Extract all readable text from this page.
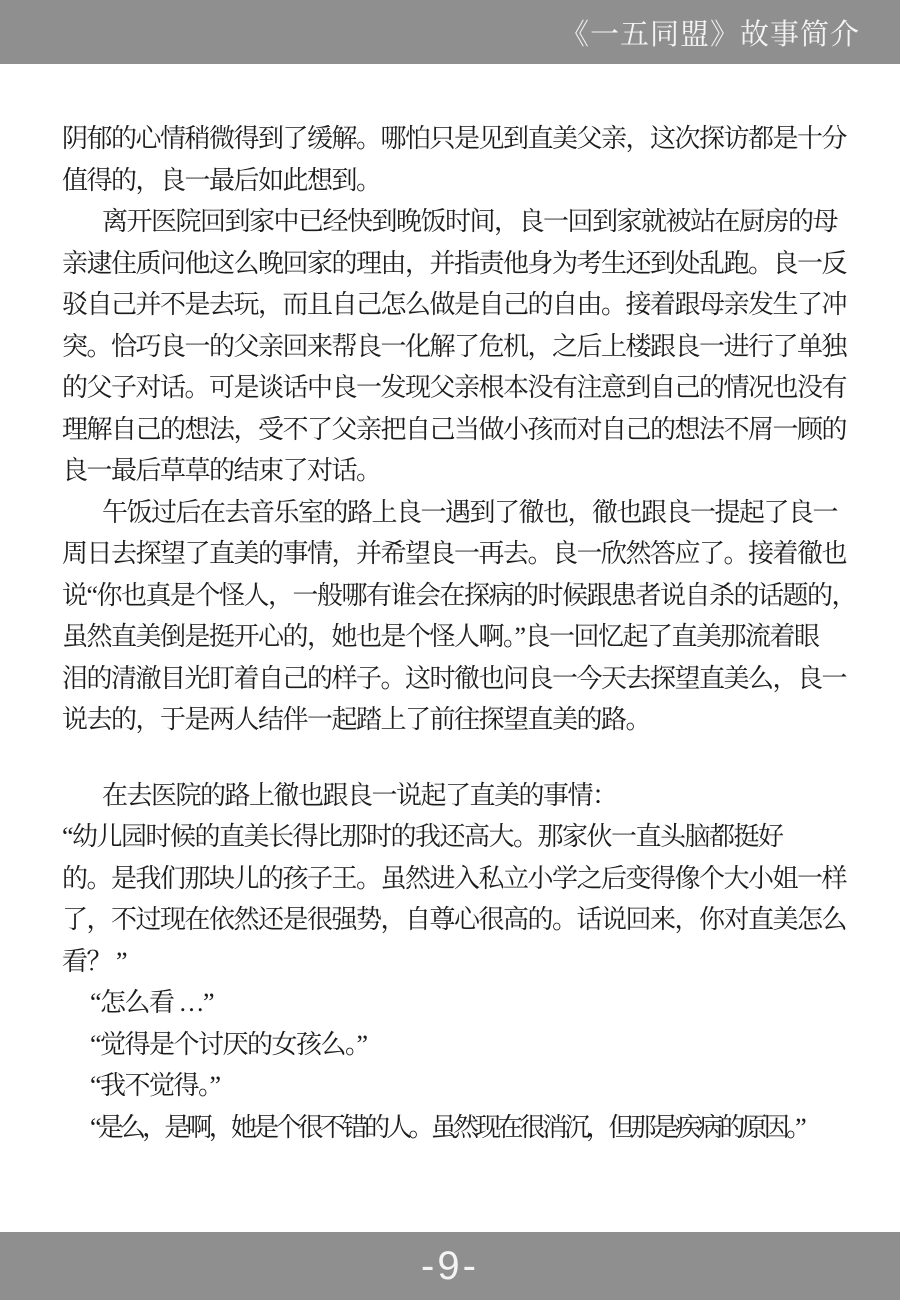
《一五同盟》故事简介
阴郁的心情稍微得到了缓解。哪怕只是见到直美父亲，这次探访都是十分
值得的，良一最后如此想到。
离开医院回到家中已经快到晚饭时间，良一回到家就被站在厨房的母
亲逮住质问他这么晚回家的理由，并指责他身为考生还到处乱跑。良一反
驳自己并不是去玩，而且自己怎么做是自己的自由。接着跟母亲发生了冲
突。恰巧良一的父亲回来帮良一化解了危机，之后上楼跟良一进行了单独
的父子对话。可是谈话中良一发现父亲根本没有注意到自己的情况也没有
理解自己的想法，受不了父亲把自己当做小孩而对自己的想法不屑一顾的
良一最后草草的结束了对话。
午饭过后在去音乐室的路上良一遇到了徹也，徹也跟良一提起了良一
周日去探望了直美的事情，并希望良一再去。良一欣然答应了。接着徹也
说“你也真是个怪人，一般哪有谁会在探病的时候跟患者说自杀的话题的，
虽然直美倒是挺开心的，她也是个怪人啊。”良一回忆起了直美那流着眼
泪的清澈目光盯着自己的样子。这时徹也问良一今天去探望直美么，良一
说去的，于是两人结伴一起踏上了前往探望直美的路。
在去医院的路上徹也跟良一说起了直美的事情：
“幼儿园时候的直美长得比那时的我还高大。那家伙一直头脑都挺好
的。是我们那块儿的孩子王。虽然进入私立小学之后变得像个大小姐一样
了，不过现在依然还是很强势，自尊心很高的。话说回来，你对直美怎么
看？ ”
“怎么看 …”
“觉得是个讨厌的女孩么。”
“我不觉得。”
“是么，是啊，她是个很不错的人。虽然现在很消沉，但那是疾病的原因。”
-9-
